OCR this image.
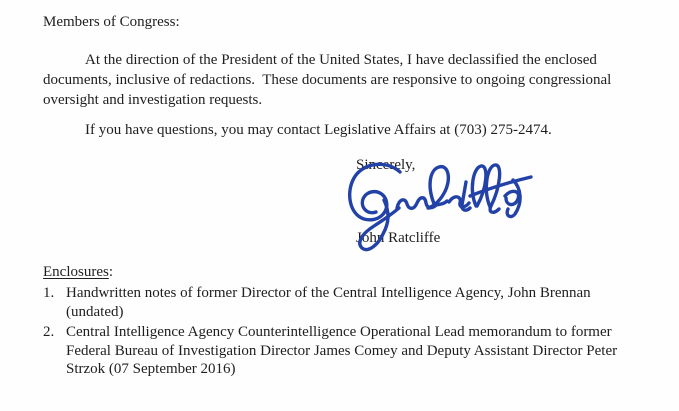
Members of Congress:

At the direction of the President of the United States, I have declassified the enclosed
documents, inclusive of redactions.  These documents are responsive to ongoing congressional
oversight and investigation requests.
If you have questions, you may contact Legislative Affairs at (703) 275-2474.

Sincerely,

John Ratcliffe

Enclosures:

1. Handwritten notes of former Director of the Central Intelligence Agency, John Brennan
(undated)
2. Central Intelligence Agency Counterintelligence Operational Lead memorandum to former
Federal Bureau of Investigation Director James Comey and Deputy Assistant Director Peter
Strzok (07 September 2016)
